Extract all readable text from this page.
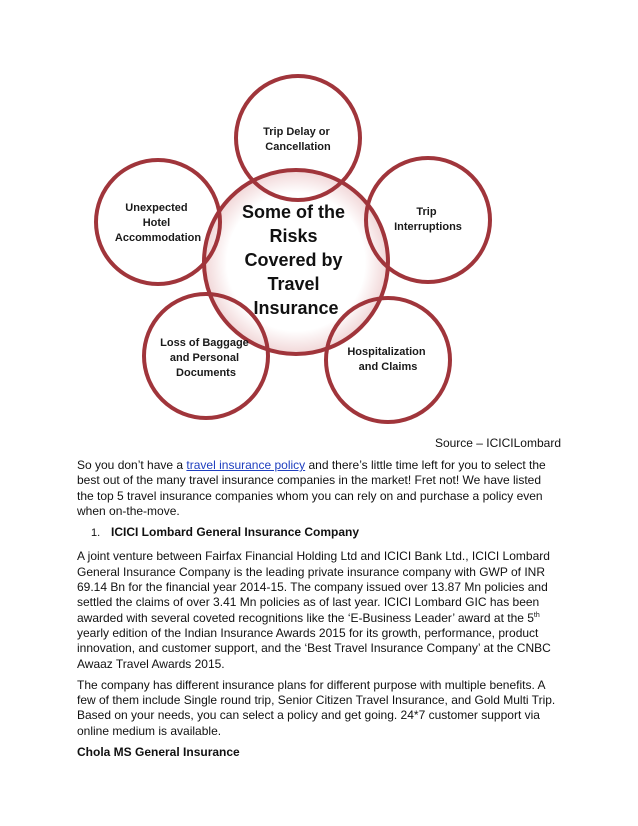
Some of the Risks Covered by Travel Insurance
Trip Delay or Cancellation
Trip Interruptions
Hospitalization and Claims
Loss of Baggage and Personal Documents
Unexpected Hotel Accommodation
Source – ICICILombard

So you don’t have a travel insurance policy and there’s little time left for you to select the best out of the many travel insurance companies in the market! Fret not! We have listed the top 5 travel insurance companies whom you can rely on and purchase a policy even when on-the-move.

1. ICICI Lombard General Insurance Company

A joint venture between Fairfax Financial Holding Ltd and ICICI Bank Ltd., ICICI Lombard General Insurance Company is the leading private insurance company with GWP of INR 69.14 Bn for the financial year 2014-15. The company issued over 13.87 Mn policies and settled the claims of over 3.41 Mn policies as of last year. ICICI Lombard GIC has been awarded with several coveted recognitions like the ‘E-Business Leader’ award at the 5th yearly edition of the Indian Insurance Awards 2015 for its growth, performance, product innovation, and customer support, and the ‘Best Travel Insurance Company’ at the CNBC Awaaz Travel Awards 2015.

The company has different insurance plans for different purpose with multiple benefits. A few of them include Single round trip, Senior Citizen Travel Insurance, and Gold Multi Trip. Based on your needs, you can select a policy and get going. 24*7 customer support via online medium is available.

Chola MS General Insurance
